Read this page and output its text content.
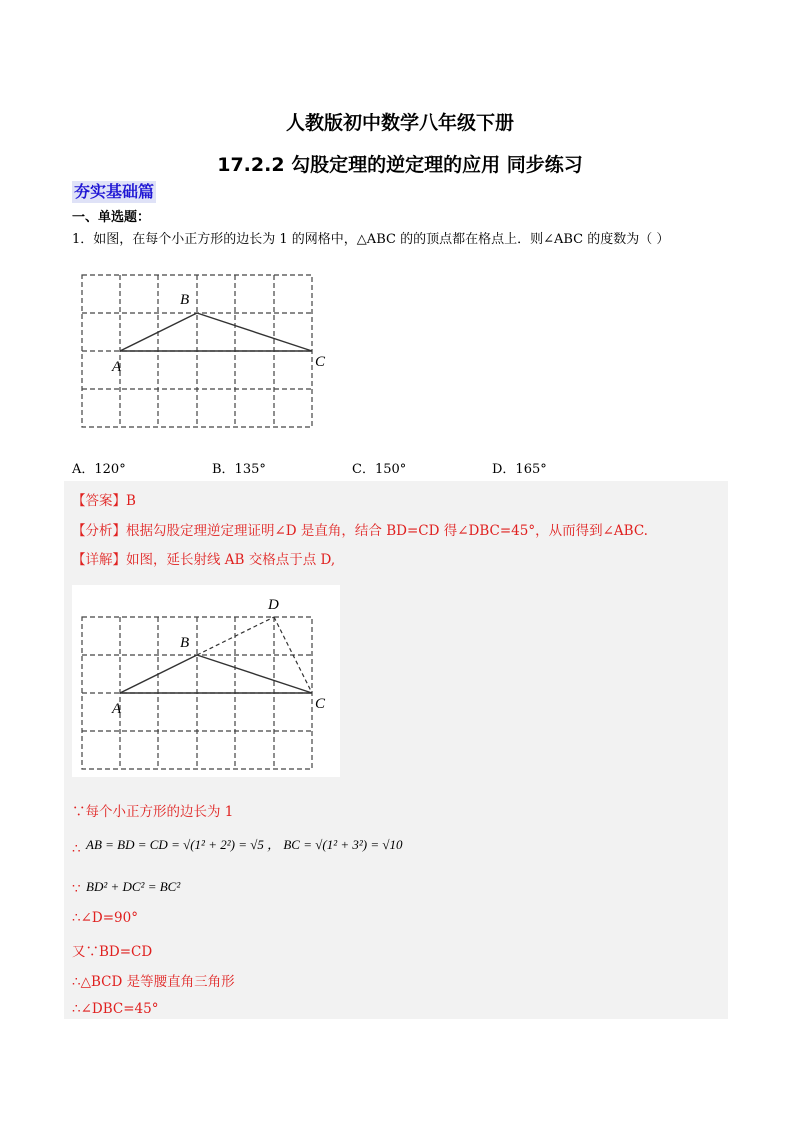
人教版初中数学八年级下册
17.2.2 勾股定理的逆定理的应用 同步练习
夯实基础篇
一、单选题：
1．如图，在每个小正方形的边长为 1 的网格中，△ABC 的的顶点都在格点上．则∠ABC 的度数为（ ）
B
A	C
A．120°	B．135°	C．150°	D．165°
【答案】B
【分析】根据勾股定理逆定理证明∠D 是直角，结合 BD=CD 得∠DBC=45°，从而得到∠ABC.
【详解】如图，延长射线 AB 交格点于点 D,
D
B
A	C
∵每个小正方形的边长为 1
∴ AB = BD = CD = √(1² + 2²) = √5 ， BC = √(1² + 3²) = √10
∵ BD² + DC² = BC²
∴∠D=90°
又∵BD=CD
∴△BCD 是等腰直角三角形
∴∠DBC=45°
